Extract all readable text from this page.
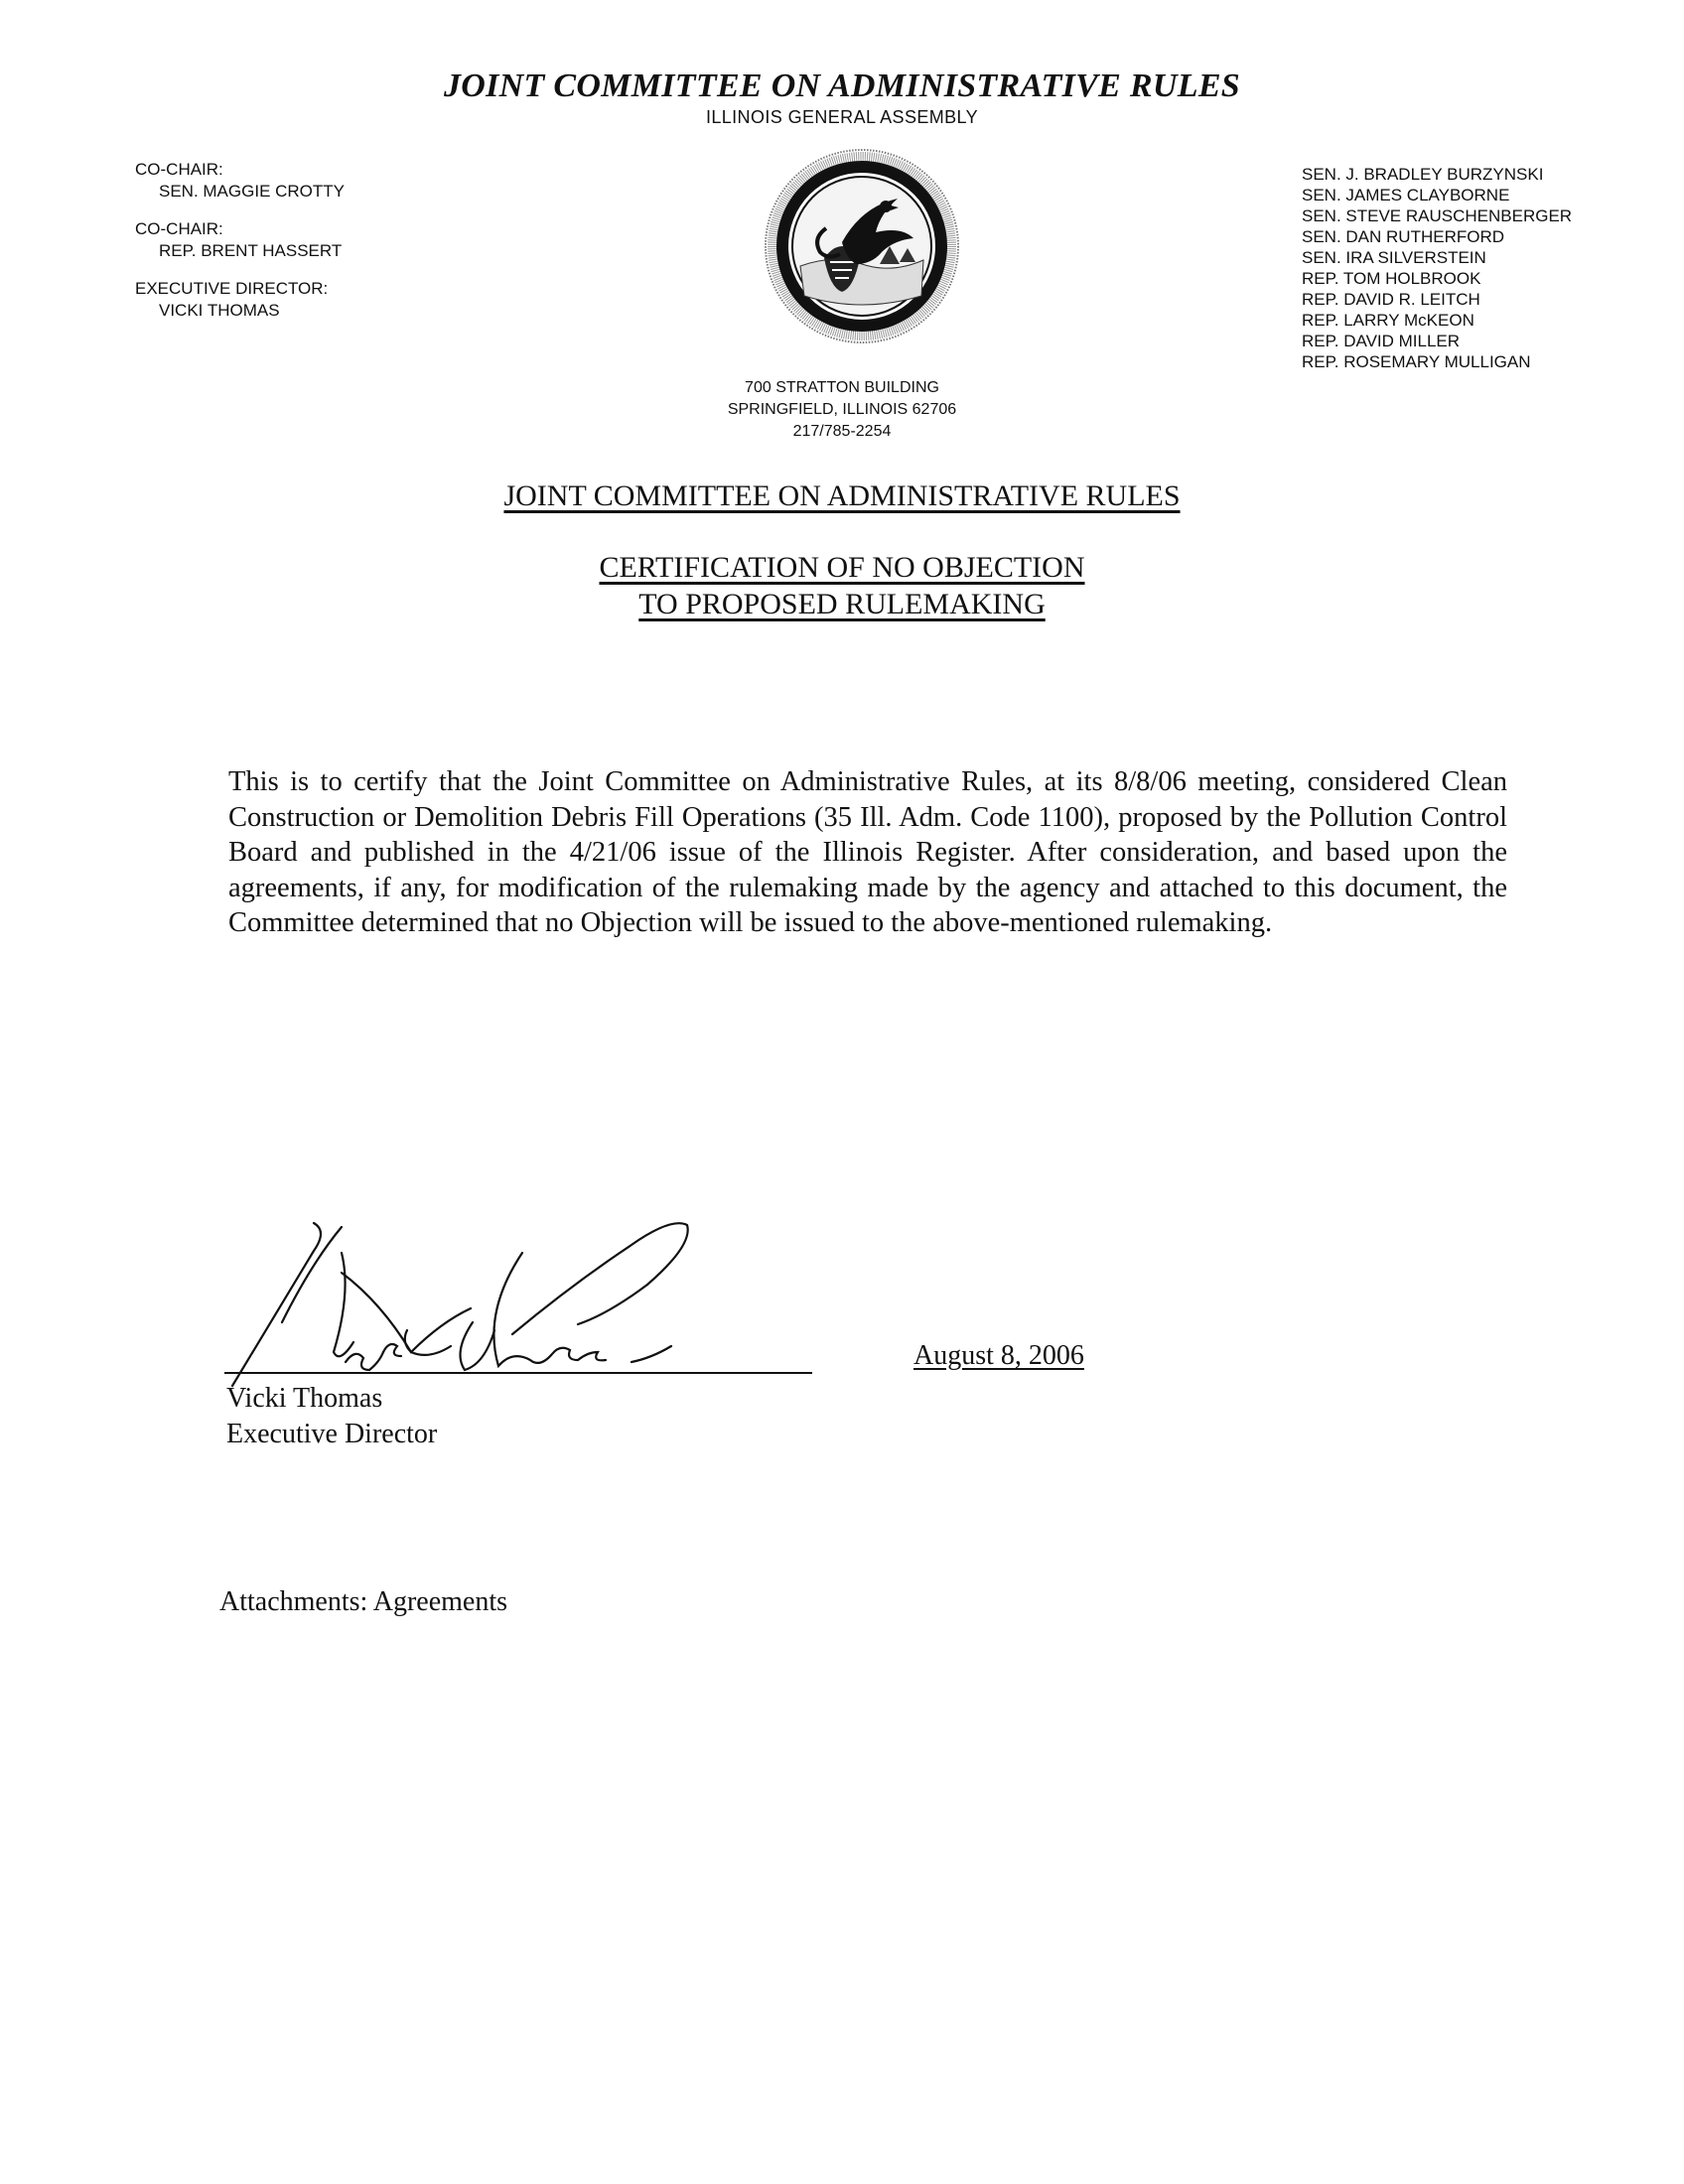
JOINT COMMITTEE ON ADMINISTRATIVE RULES
ILLINOIS GENERAL ASSEMBLY
CO-CHAIR:
SEN. MAGGIE CROTTY
CO-CHAIR:
REP. BRENT HASSERT
EXECUTIVE DIRECTOR:
VICKI THOMAS
SEN. J. BRADLEY BURZYNSKI
SEN. JAMES CLAYBORNE
SEN. STEVE RAUSCHENBERGER
SEN. DAN RUTHERFORD
SEN. IRA SILVERSTEIN
REP. TOM HOLBROOK
REP. DAVID R. LEITCH
REP. LARRY McKEON
REP. DAVID MILLER
REP. ROSEMARY MULLIGAN
700 STRATTON BUILDING
SPRINGFIELD, ILLINOIS 62706
217/785-2254
JOINT COMMITTEE ON ADMINISTRATIVE RULES
CERTIFICATION OF NO OBJECTION
TO PROPOSED RULEMAKING
This is to certify that the Joint Committee on Administrative Rules, at its 8/8/06 meeting, considered Clean Construction or Demolition Debris Fill Operations (35 Ill. Adm. Code 1100), proposed by the Pollution Control Board and published in the 4/21/06 issue of the Illinois Register. After consideration, and based upon the agreements, if any, for modification of the rulemaking made by the agency and attached to this document, the Committee determined that no Objection will be issued to the above-mentioned rulemaking.
Vicki Thomas
Executive Director
August 8, 2006
Attachments: Agreements
